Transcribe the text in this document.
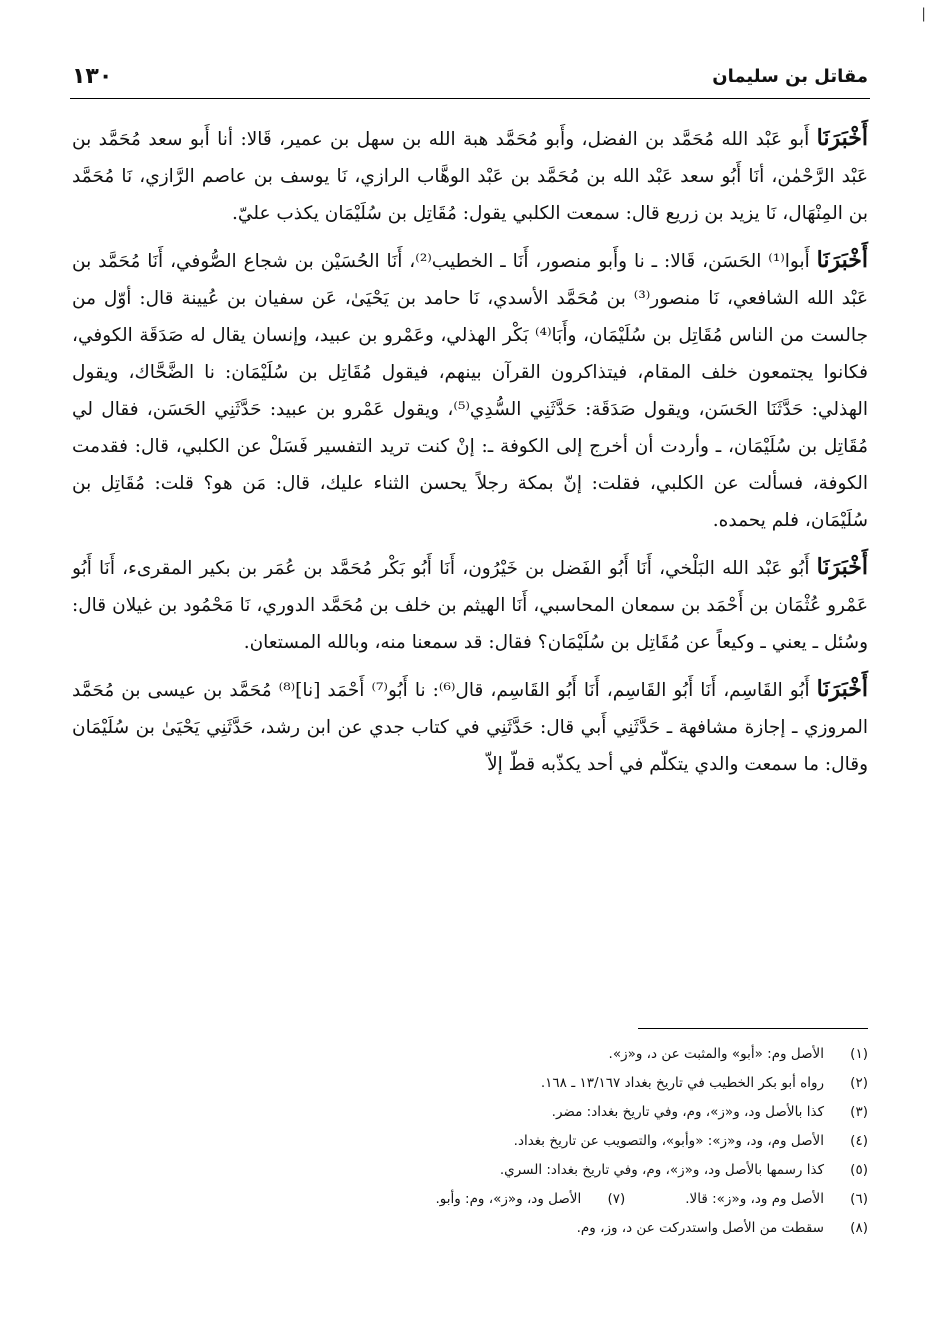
|
١٣٠	مقاتل بن سليمان

أَخْبَرَنَا أَبو عَبْد الله مُحَمَّد بن الفضل، وأَبو مُحَمَّد هبة الله بن سهل بن عمير، قَالا: أنا أَبو سعد مُحَمَّد بن عَبْد الرَّحْمٰن، أنَا أَبُو سعد عَبْد الله بن مُحَمَّد بن عَبْد الوهَّاب الرازي، نَا يوسف بن عاصم الرَّازي، نَا مُحَمَّد بن المِنْهَال، نَا يزيد بن زريع قال: سمعت الكلبي يقول: مُقَاتِل بن سُلَيْمَان يكذب عليّ.

أَخْبَرَنَا أَبوا⁽¹⁾ الحَسَن، قَالا: ـ نا وأَبو منصور، أَنَا ـ الخطيب⁽²⁾، أَنَا الحُسَيْن بن شجاع الصُّوفي، أَنَا مُحَمَّد بن عَبْد الله الشافعي، نَا منصور⁽³⁾ بن مُحَمَّد الأسدي، نَا حامد بن يَحْيَىٰ، عَن سفيان بن عُيينة قال: أوّل من جالست من الناس مُقَاتِل بن سُلَيْمَان، وأَبَا⁽⁴⁾ بَكْر الهذلي، وعَمْرو بن عبيد، وإنسان يقال له صَدَقَة الكوفي، فكانوا يجتمعون خلف المقام، فيتذاكرون القرآن بينهم، فيقول مُقَاتِل بن سُلَيْمَان: نا الضَّحَّاك، ويقول الهذلي: حَدَّثَنَا الحَسَن، ويقول صَدَقَة: حَدَّثَنِي السُّدِي⁽⁵⁾، ويقول عَمْرو بن عبيد: حَدَّثَنِي الحَسَن، فقال لي مُقَاتِل بن سُلَيْمَان، ـ وأردت أن أخرج إلى الكوفة ـ: إنْ كنت تريد التفسير فَسَلْ عن الكلبي، قال: فقدمت الكوفة، فسألت عن الكلبي، فقلت: إنّ بمكة رجلاً يحسن الثناء عليك، قال: مَن هو؟ قلت: مُقَاتِل بن سُلَيْمَان، فلم يحمده.

أَخْبَرَنَا أَبُو عَبْد الله البَلْخي، أَنَا أَبُو الفَضل بن خَيْرُون، أَنَا أَبُو بَكْر مُحَمَّد بن عُمَر بن بكير المقرىء، أَنَا أَبُو عَمْرو عُثْمَان بن أَحْمَد بن سمعان المحاسبي، أَنَا الهيثم بن خلف بن مُحَمَّد الدوري، نَا مَحْمُود بن غيلان قال: وسُئل ـ يعني ـ وكيعاً عن مُقَاتِل بن سُلَيْمَان؟ فقال: قد سمعنا منه، وبالله المستعان.

أَخْبَرَنَا أَبُو القَاسِم، أَنَا أَبُو القَاسِم، أَنَا أَبُو القَاسِم، قال⁽⁶⁾: نا أَبُو⁽⁷⁾ أَحْمَد [نا]⁽⁸⁾ مُحَمَّد بن عيسى بن مُحَمَّد المروزي ـ إجازة مشافهة ـ حَدَّثَنِي أَبي قال: حَدَّثَنِي في كتاب جدي عن ابن رشد، حَدَّثَنِي يَحْيَىٰ بن سُلَيْمَان وقال: ما سمعت والدي يتكلّم في أحد يكذّبه قطّ إلاّ

(١)
الأصل وم: «أبو» والمثبت عن د، و«ز».
(٢)
رواه أبو بكر الخطيب في تاريخ بغداد ١٣/١٦٧ ـ ١٦٨.
(٣)
كذا بالأصل ود، و«ز»، وم، وفي تاريخ بغداد: مضر.
(٤)
الأصل وم، ود، و«ز»: «وأبو»، والتصويب عن تاريخ بغداد.
(٥)
كذا رسمها بالأصل ود، و«ز»، وم، وفي تاريخ بغداد: السري.
(٦)
الأصل وم ود، و«ز»: قالا.
(٧)
الأصل ود، و«ز»، وم: وأبو.
(٨)
سقطت من الأصل واستدركت عن د، وز، وم.
